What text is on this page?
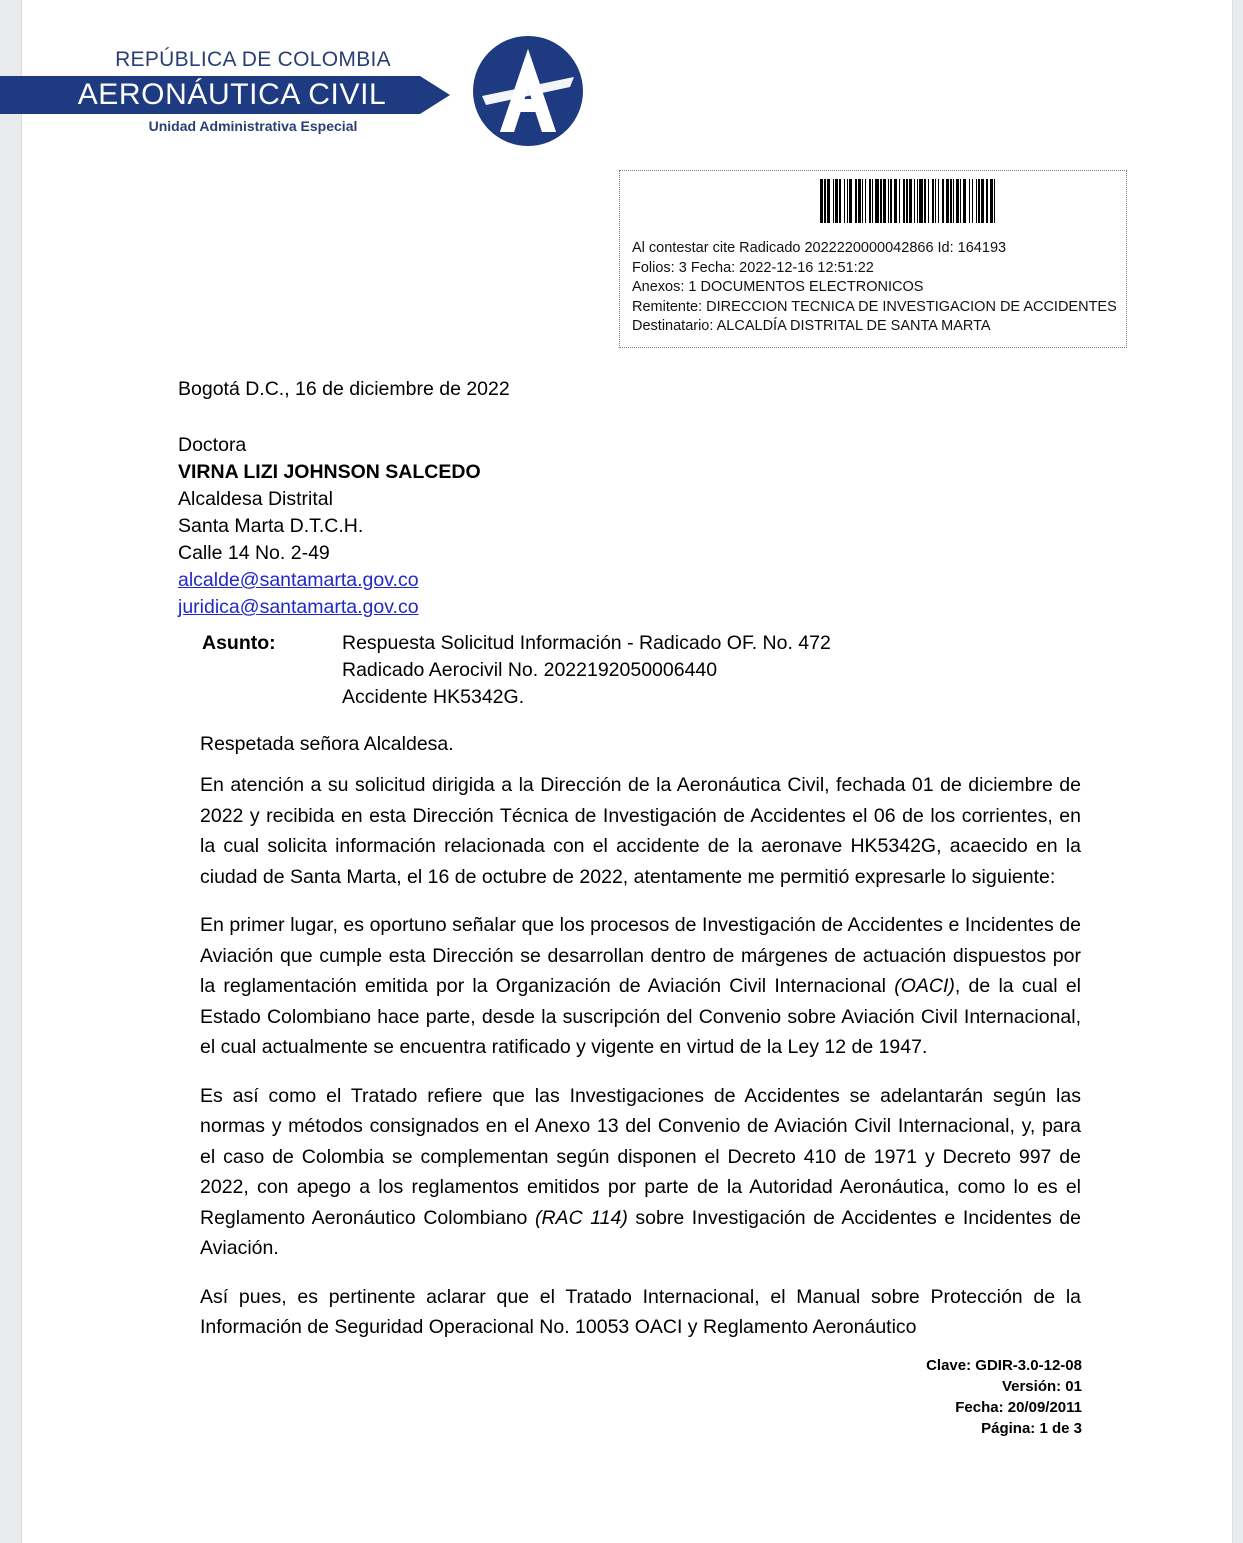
REPÚBLICA DE COLOMBIA
AERONÁUTICA CIVIL
Unidad Administrativa Especial
Al contestar cite Radicado 2022220000042866 Id: 164193
Folios: 3 Fecha: 2022-12-16 12:51:22
Anexos: 1 DOCUMENTOS ELECTRONICOS
Remitente: DIRECCION TECNICA DE INVESTIGACION DE ACCIDENTES
Destinatario: ALCALDÍA DISTRITAL DE SANTA MARTA
Bogotá D.C., 16 de diciembre de 2022
Doctora
VIRNA LIZI JOHNSON SALCEDO
Alcaldesa Distrital
Santa Marta D.T.C.H.
Calle 14 No. 2-49
alcalde@santamarta.gov.co
juridica@santamarta.gov.co
Asunto:	Respuesta Solicitud Información - Radicado OF. No. 472
Radicado Aerocivil No. 2022192050006440
Accidente HK5342G.
Respetada señora Alcaldesa.

En atención a su solicitud dirigida a la Dirección de la Aeronáutica Civil, fechada 01 de diciembre de 2022 y recibida en esta Dirección Técnica de Investigación de Accidentes el 06 de los corrientes, en la cual solicita información relacionada con el accidente de la aeronave HK5342G, acaecido en la ciudad de Santa Marta, el 16 de octubre de 2022, atentamente me permitió expresarle lo siguiente:

En primer lugar, es oportuno señalar que los procesos de Investigación de Accidentes e Incidentes de Aviación que cumple esta Dirección se desarrollan dentro de márgenes de actuación dispuestos por la reglamentación emitida por la Organización de Aviación Civil Internacional (OACI), de la cual el Estado Colombiano hace parte, desde la suscripción del Convenio sobre Aviación Civil Internacional, el cual actualmente se encuentra ratificado y vigente en virtud de la Ley 12 de 1947.

Es así como el Tratado refiere que las Investigaciones de Accidentes se adelantarán según las normas y métodos consignados en el Anexo 13 del Convenio de Aviación Civil Internacional, y, para el caso de Colombia se complementan según disponen el Decreto 410 de 1971 y Decreto 997 de 2022, con apego a los reglamentos emitidos por parte de la Autoridad Aeronáutica, como lo es el Reglamento Aeronáutico Colombiano (RAC 114) sobre Investigación de Accidentes e Incidentes de Aviación.

Así pues, es pertinente aclarar que el Tratado Internacional, el Manual sobre Protección de la Información de Seguridad Operacional No. 10053 OACI y Reglamento Aeronáutico

Clave: GDIR-3.0-12-08
Versión: 01
Fecha: 20/09/2011
Página: 1 de 3
